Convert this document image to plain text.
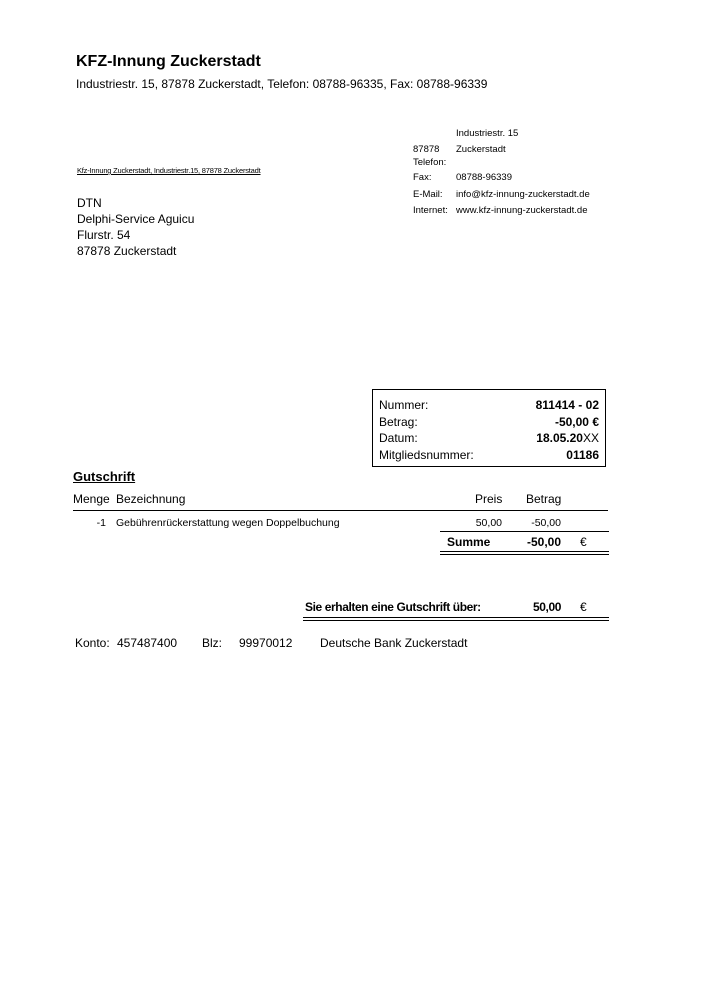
KFZ-Innung Zuckerstadt
Industriestr. 15, 87878 Zuckerstadt, Telefon: 08788-96335, Fax: 08788-96339
Kfz-Innung Zuckerstadt, Industriestr.15, 87878 Zuckerstadt
DTN
Delphi-Service Aguicu
Flurstr. 54
87878 Zuckerstadt
Industriestr. 15
87878 Zuckerstadt
Telefon:
Fax:	08788-96339
E-Mail: info@kfz-innung-zuckerstadt.de
Internet: www.kfz-innung-zuckerstadt.de
Nummer:	811414 - 02
Betrag:	-50,00 €
Datum:	18.05.20XX
Mitgliedsnummer:	01186
Gutschrift
Menge Bezeichnung	Preis Betrag
-1 Gebührenrückerstattung wegen Doppelbuchung	50,00	-50,00
Summe	-50,00 €
Sie erhalten eine Gutschrift über:	50,00 €
Konto: 457487400 Blz: 99970012 Deutsche Bank Zuckerstadt
